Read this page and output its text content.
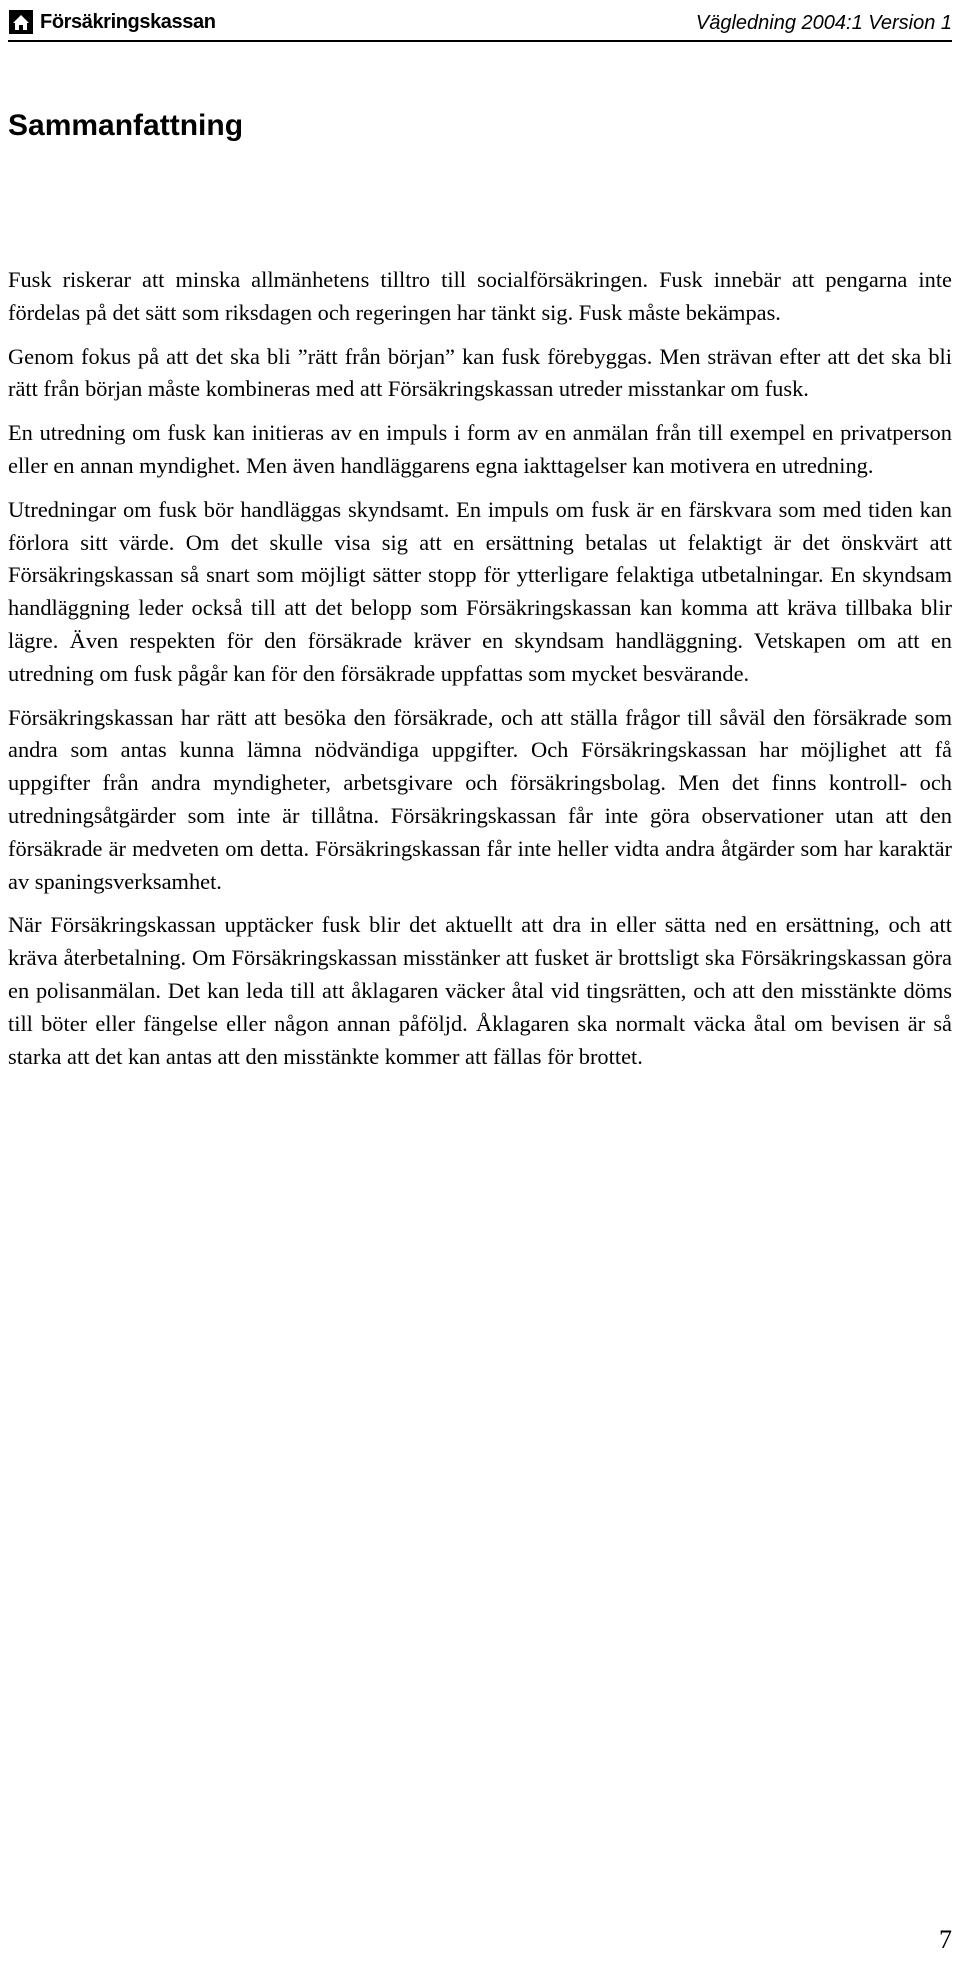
Försäkringskassan	Vägledning 2004:1 Version 1
Sammanfattning

Fusk riskerar att minska allmänhetens tilltro till socialförsäkringen. Fusk innebär att pengarna inte fördelas på det sätt som riksdagen och regeringen har tänkt sig. Fusk måste bekämpas.

Genom fokus på att det ska bli ”rätt från början” kan fusk förebyggas. Men strävan efter att det ska bli rätt från början måste kombineras med att Försäkringskassan utreder misstankar om fusk.

En utredning om fusk kan initieras av en impuls i form av en anmälan från till exempel en privatperson eller en annan myndighet. Men även handläggarens egna iakttagelser kan motivera en utredning.

Utredningar om fusk bör handläggas skyndsamt. En impuls om fusk är en färskvara som med tiden kan förlora sitt värde. Om det skulle visa sig att en ersättning betalas ut felaktigt är det önskvärt att Försäkringskassan så snart som möjligt sätter stopp för ytterligare felaktiga utbetalningar. En skyndsam handläggning leder också till att det belopp som Försäkringskassan kan komma att kräva tillbaka blir lägre. Även respekten för den försäkrade kräver en skyndsam handläggning. Vetskapen om att en utredning om fusk pågår kan för den försäkrade uppfattas som mycket besvärande.

Försäkringskassan har rätt att besöka den försäkrade, och att ställa frågor till såväl den försäkrade som andra som antas kunna lämna nödvändiga uppgifter. Och Försäkringskassan har möjlighet att få uppgifter från andra myndigheter, arbetsgivare och försäkringsbolag. Men det finns kontroll- och utredningsåtgärder som inte är tillåtna. Försäkringskassan får inte göra observationer utan att den försäkrade är medveten om detta. Försäkringskassan får inte heller vidta andra åtgärder som har karaktär av spaningsverksamhet.

När Försäkringskassan upptäcker fusk blir det aktuellt att dra in eller sätta ned en ersättning, och att kräva återbetalning. Om Försäkringskassan misstänker att fusket är brottsligt ska Försäkringskassan göra en polisanmälan. Det kan leda till att åklagaren väcker åtal vid tingsrätten, och att den misstänkte döms till böter eller fängelse eller någon annan påföljd. Åklagaren ska normalt väcka åtal om bevisen är så starka att det kan antas att den misstänkte kommer att fällas för brottet.

7
